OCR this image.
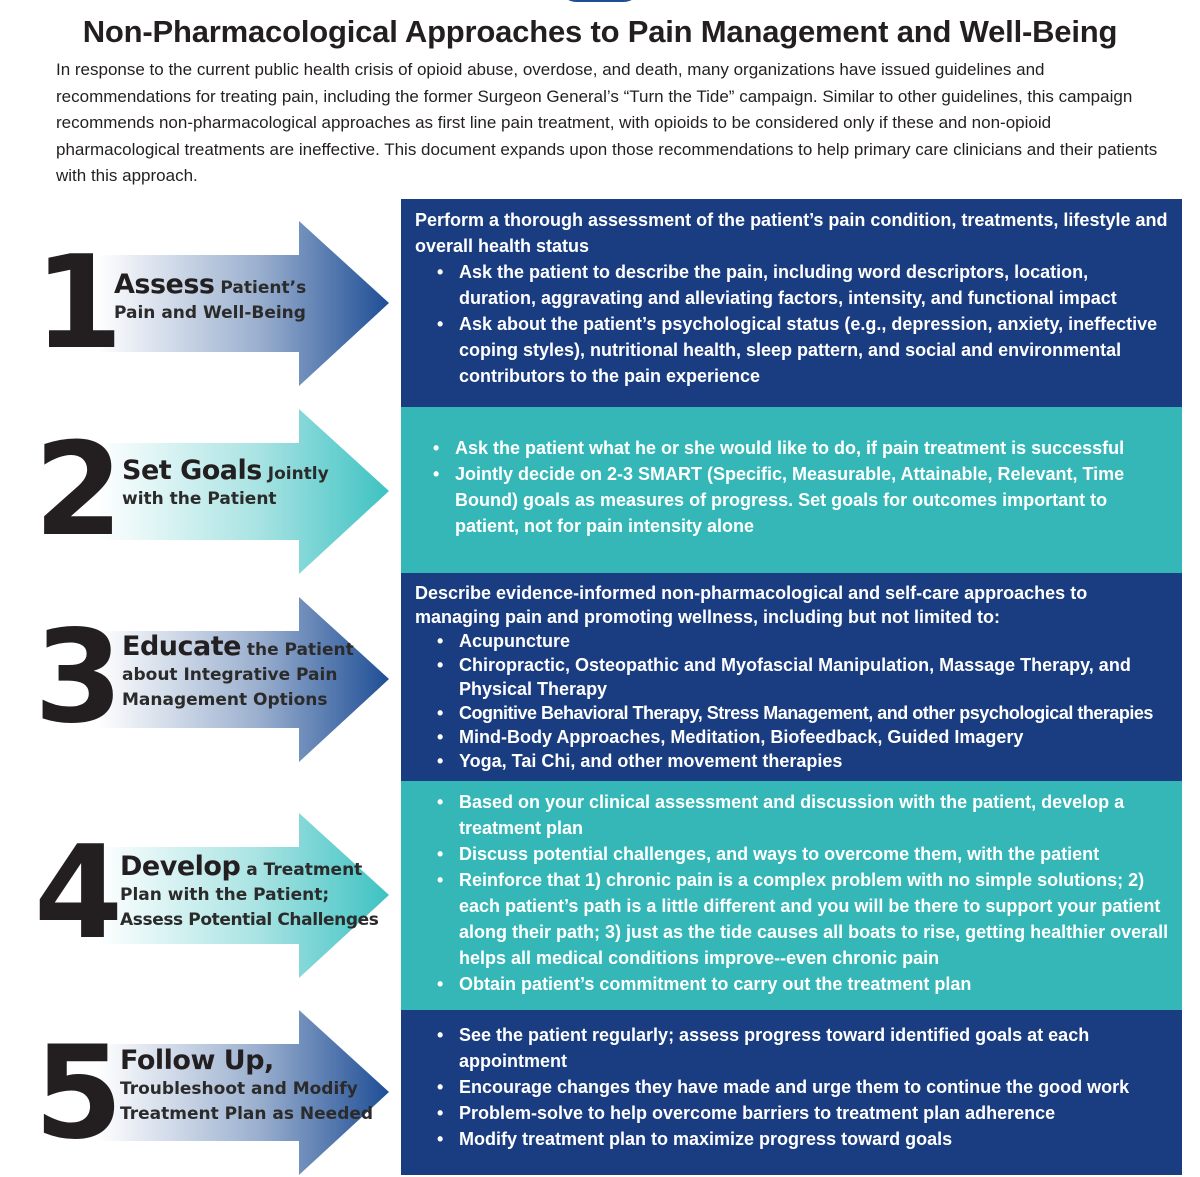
Non-Pharmacological Approaches to Pain Management and Well-Being
In response to the current public health crisis of opioid abuse, overdose, and death, many organizations have issued guidelines and recommendations for treating pain, including the former Surgeon General’s “Turn the Tide” campaign. Similar to other guidelines, this campaign recommends non-pharmacological approaches as first line pain treatment, with opioids to be considered only if these and non-opioid pharmacological treatments are ineffective. This document expands upon those recommendations to help primary care clinicians and their patients with this approach.
1
Assess Patient’s
Pain and Well-Being
Perform a thorough assessment of the patient’s pain condition, treatments, lifestyle and overall health status
• Ask the patient to describe the pain, including word descriptors, location, duration, aggravating and alleviating factors, intensity, and functional impact
• Ask about the patient’s psychological status (e.g., depression, anxiety, ineffective coping styles), nutritional health, sleep pattern, and social and environmental contributors to the pain experience
2 Set Goals Jointly
with the Patient
• Ask the patient what he or she would like to do, if pain treatment is successful
• Jointly decide on 2-3 SMART (Specific, Measurable, Attainable, Relevant, Time Bound) goals as measures of progress. Set goals for outcomes important to patient, not for pain intensity alone
3 Educate the Patient
about Integrative Pain
Management Options
Describe evidence-informed non-pharmacological and self-care approaches to managing pain and promoting wellness, including but not limited to:
• Acupuncture
• Chiropractic, Osteopathic and Myofascial Manipulation, Massage Therapy, and Physical Therapy
• Cognitive Behavioral Therapy, Stress Management, and other psychological therapies
• Mind-Body Approaches, Meditation, Biofeedback, Guided Imagery
• Yoga, Tai Chi, and other movement therapies
4 Develop a Treatment
Plan with the Patient;
Assess Potential Challenges
• Based on your clinical assessment and discussion with the patient, develop a treatment plan
• Discuss potential challenges, and ways to overcome them, with the patient
• Reinforce that 1) chronic pain is a complex problem with no simple solutions; 2) each patient’s path is a little different and you will be there to support your patient along their path; 3) just as the tide causes all boats to rise, getting healthier overall helps all medical conditions improve--even chronic pain
• Obtain patient’s commitment to carry out the treatment plan
5 Follow Up,
Troubleshoot and Modify
Treatment Plan as Needed
• See the patient regularly; assess progress toward identified goals at each appointment
• Encourage changes they have made and urge them to continue the good work
• Problem-solve to help overcome barriers to treatment plan adherence
• Modify treatment plan to maximize progress toward goals
